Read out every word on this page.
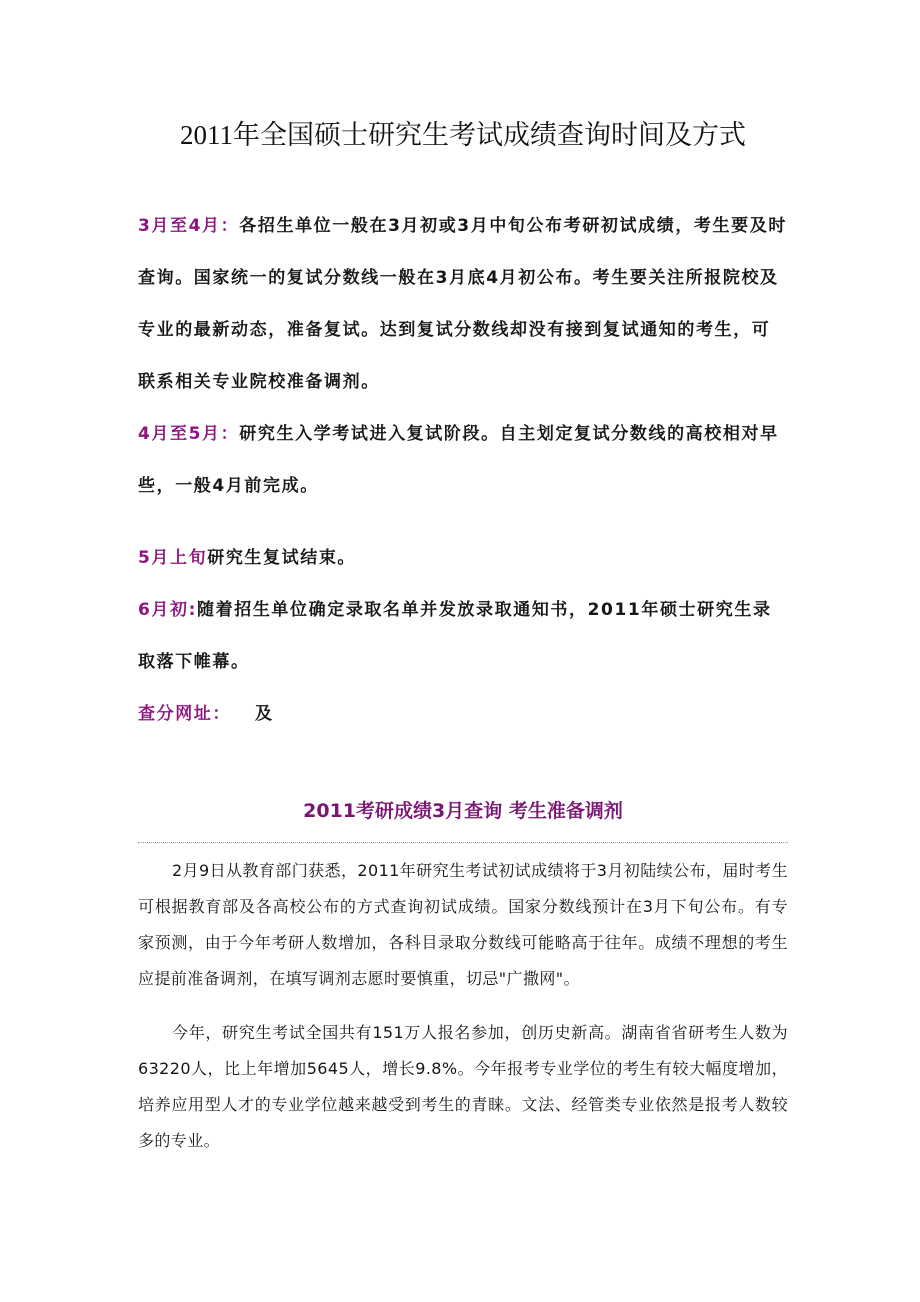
2011年全国硕士研究生考试成绩查询时间及方式

3月至4月：各招生单位一般在3月初或3月中旬公布考研初试成绩，考生要及时查询。国家统一的复试分数线一般在3月底4月初公布。考生要关注所报院校及专业的最新动态，准备复试。达到复试分数线却没有接到复试通知的考生，可联系相关专业院校准备调剂。

4月至5月：研究生入学考试进入复试阶段。自主划定复试分数线的高校相对早些，一般4月前完成。

5月上旬研究生复试结束。

6月初:随着招生单位确定录取名单并发放录取通知书，2011年硕士研究生录取落下帷幕。

查分网址： 及

2011考研成绩3月查询 考生准备调剂

2月9日从教育部门获悉，2011年研究生考试初试成绩将于3月初陆续公布，届时考生可根据教育部及各高校公布的方式查询初试成绩。国家分数线预计在3月下旬公布。有专家预测，由于今年考研人数增加，各科目录取分数线可能略高于往年。成绩不理想的考生应提前准备调剂，在填写调剂志愿时要慎重，切忌"广撒网"。

今年，研究生考试全国共有151万人报名参加，创历史新高。湖南省省研考生人数为63220人，比上年增加5645人，增长9.8%。今年报考专业学位的考生有较大幅度增加，培养应用型人才的专业学位越来越受到考生的青睐。文法、经管类专业依然是报考人数较多的专业。
